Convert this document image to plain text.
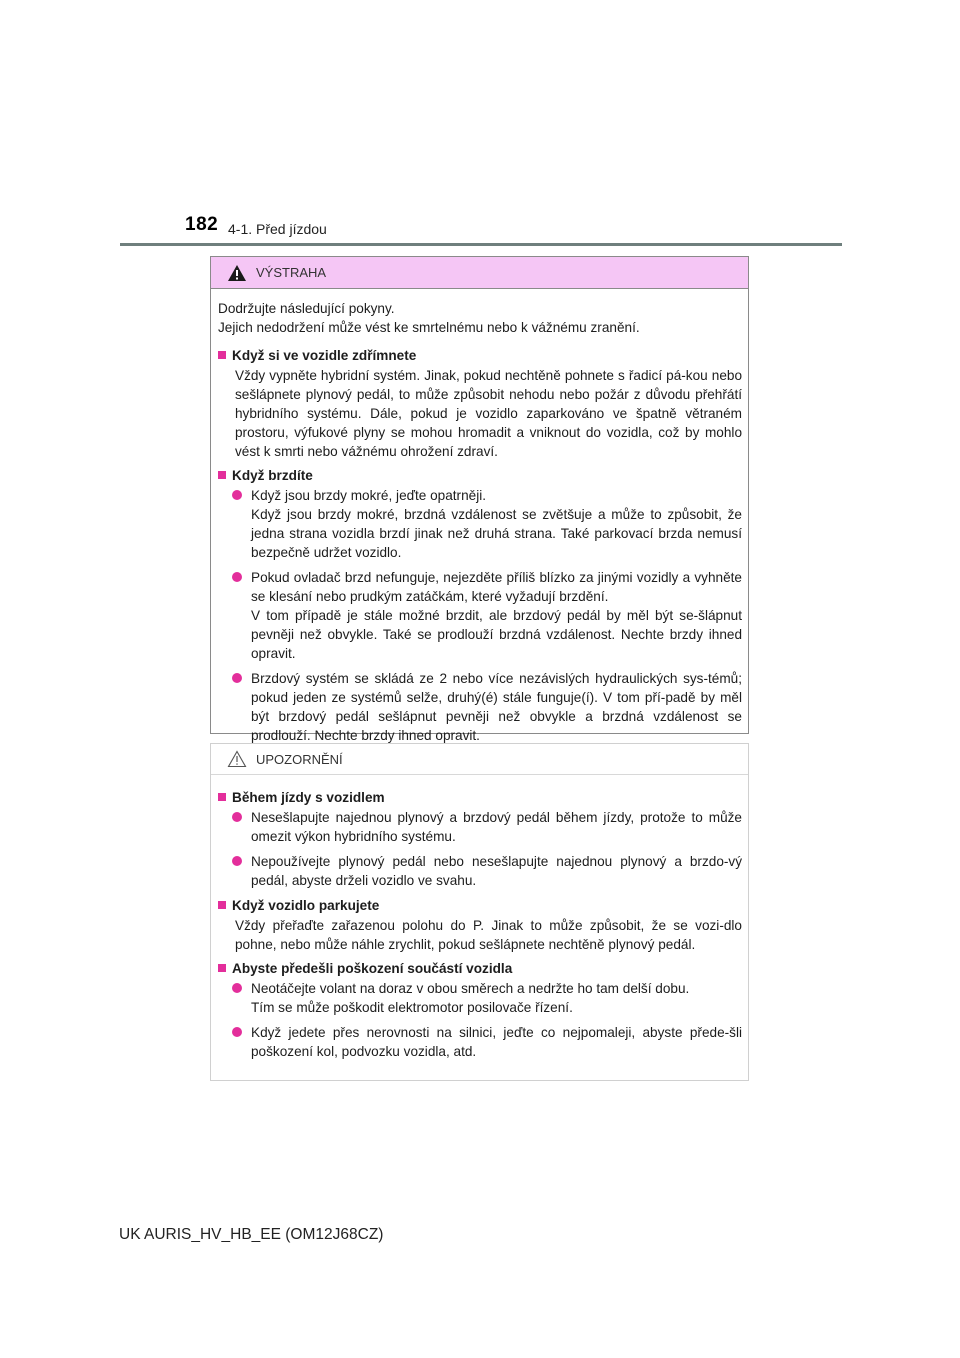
182 4-1. Před jízdou
VÝSTRAHA

Dodržujte následující pokyny.

Jejich nedodržení může vést ke smrtelnému nebo k vážnému zranění.

Když si ve vozidle zdřímnete

Vždy vypněte hybridní systém. Jinak, pokud nechtěně pohnete s řadicí pá-kou nebo sešlápnete plynový pedál, to může způsobit nehodu nebo požár z důvodu přehřátí hybridního systému. Dále, pokud je vozidlo zaparkováno ve špatně větraném prostoru, výfukové plyny se mohou hromadit a vniknout do vozidla, což by mohlo vést k smrti nebo vážnému ohrožení zdraví.

Když brzdíte

Když jsou brzdy mokré, jeďte opatrněji.

Když jsou brzdy mokré, brzdná vzdálenost se zvětšuje a může to způsobit, že jedna strana vozidla brzdí jinak než druhá strana. Také parkovací brzda nemusí bezpečně udržet vozidlo.

Pokud ovladač brzd nefunguje, nejezděte příliš blízko za jinými vozidly a vyhněte se klesání nebo prudkým zatáčkám, které vyžadují brzdění.

V tom případě je stále možné brzdit, ale brzdový pedál by měl být se-šlápnut pevněji než obvykle. Také se prodlouží brzdná vzdálenost. Nechte brzdy ihned opravit.

Brzdový systém se skládá ze 2 nebo více nezávislých hydraulických sys-témů; pokud jeden ze systémů selže, druhý(é) stále funguje(í). V tom pří-padě by měl být brzdový pedál sešlápnut pevněji než obvykle a brzdná vzdálenost se prodlouží. Nechte brzdy ihned opravit.

UPOZORNĚNÍ
Během jízdy s vozidlem

Nesešlapujte najednou plynový a brzdový pedál během jízdy, protože to může omezit výkon hybridního systému.

Nepoužívejte plynový pedál nebo nesešlapujte najednou plynový a brzdo-vý pedál, abyste drželi vozidlo ve svahu.

Když vozidlo parkujete

Vždy přeřaďte zařazenou polohu do P. Jinak to může způsobit, že se vozi-dlo pohne, nebo může náhle zrychlit, pokud sešlápnete nechtěně plynový pedál.

Abyste předešli poškození součástí vozidla

Neotáčejte volant na doraz v obou směrech a nedržte ho tam delší dobu.

Tím se může poškodit elektromotor posilovače řízení.

Když jedete přes nerovnosti na silnici, jeďte co nejpomaleji, abyste přede-šli poškození kol, podvozku vozidla, atd.

UK AURIS_HV_HB_EE (OM12J68CZ)
